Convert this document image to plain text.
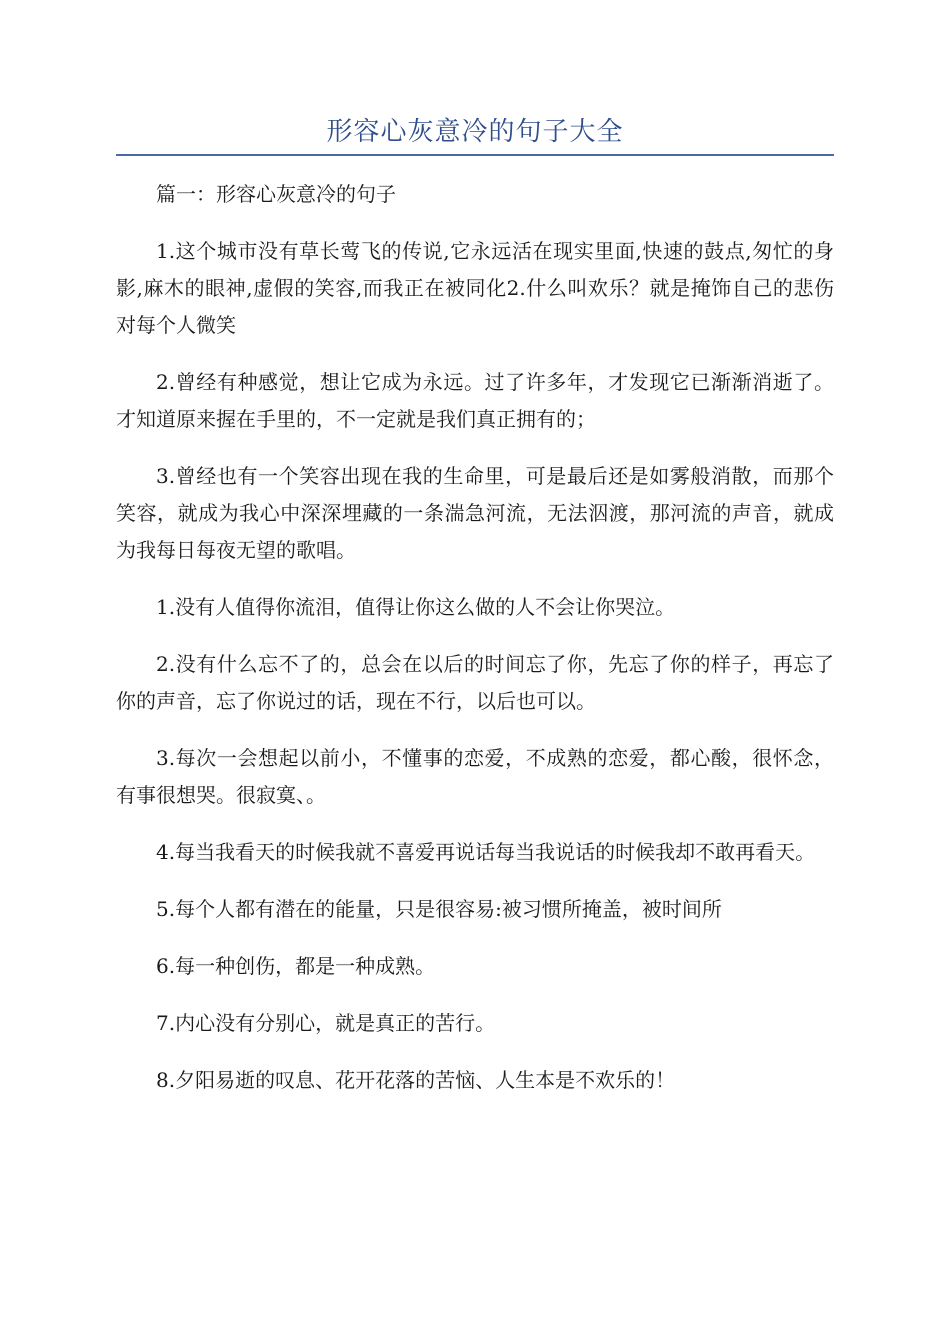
形容心灰意冷的句子大全

篇一：形容心灰意冷的句子

1.这个城市没有草长莺飞的传说,它永远活在现实里面,快速的鼓点,匆忙的身影,麻木的眼神,虚假的笑容,而我正在被同化2.什么叫欢乐？就是掩饰自己的悲伤对每个人微笑

2.曾经有种感觉，想让它成为永远。过了许多年，才发现它已渐渐消逝了。才知道原来握在手里的，不一定就是我们真正拥有的；

3.曾经也有一个笑容出现在我的生命里，可是最后还是如雾般消散，而那个笑容，就成为我心中深深埋藏的一条湍急河流，无法泅渡，那河流的声音，就成为我每日每夜无望的歌唱。

1.没有人值得你流泪，值得让你这么做的人不会让你哭泣。

2.没有什么忘不了的，总会在以后的时间忘了你，先忘了你的样子，再忘了你的声音，忘了你说过的话，现在不行，以后也可以。

3.每次一会想起以前小，不懂事的恋爱，不成熟的恋爱，都心酸，很怀念，有事很想哭。很寂寞、。

4.每当我看天的时候我就不喜爱再说话每当我说话的时候我却不敢再看天。

5.每个人都有潜在的能量，只是很容易:被习惯所掩盖，被时间所

6.每一种创伤，都是一种成熟。

7.内心没有分别心，就是真正的苦行。

8.夕阳易逝的叹息、花开花落的苦恼、人生本是不欢乐的！
